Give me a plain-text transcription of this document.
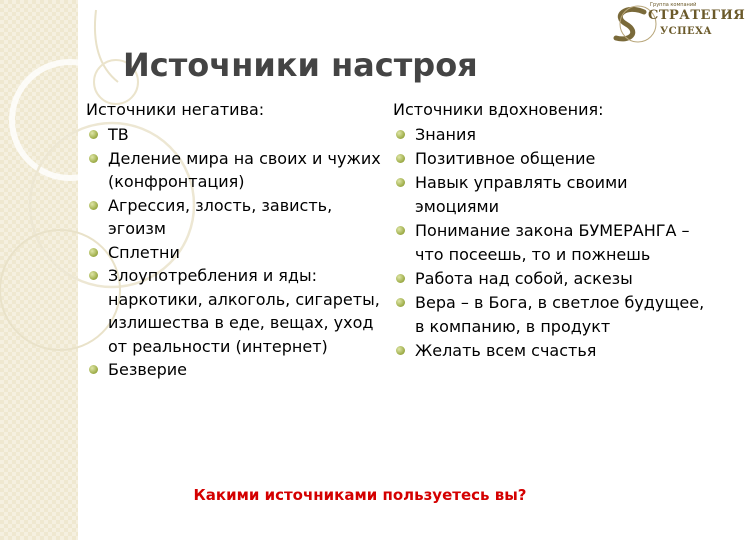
Группа компаний
СТРАТЕГИЯ
УСПЕХА
Источники настроя
Источники негатива:
ТВ
Деление мира на своих и чужих (конфронтация)
Агрессия, злость, зависть, эгоизм
Сплетни
Злоупотребления и яды: наркотики, алкоголь, сигареты, излишества в еде, вещах, уход от реальности (интернет)
Безверие
Источники вдохновения:
Знания
Позитивное общение
Навык управлять своими эмоциями
Понимание закона БУМЕРАНГА – что посеешь, то и пожнешь
Работа над собой, аскезы
Вера – в Бога, в светлое будущее, в компанию, в продукт
Желать всем счастья
Какими источниками пользуетесь вы?
